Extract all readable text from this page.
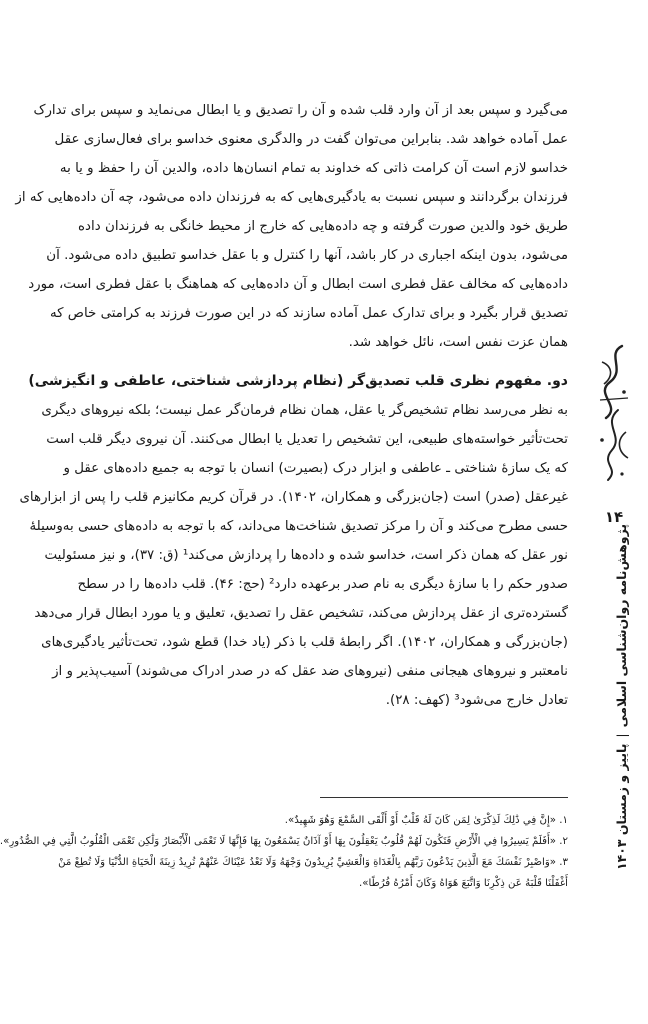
می‌گیرد و سپس بعد از آن وارد قلب شده و آن را تصدیق و یا ابطال می‌نماید و سپس برای تدارک

عمل آماده خواهد شد. بنابراین می‌توان گفت در والدگری معنوی خداسو برای فعال‌سازی عقل

خداسو لازم است آن کرامت ذاتی که خداوند به تمام انسان‌ها داده، والدین آن را حفظ و یا به

فرزندان برگردانند و سپس نسبت به یادگیری‌هایی که به فرزندان داده می‌شود، چه آن داده‌هایی که از

طریق خود والدین صورت گرفته و چه داده‌هایی که خارج از محیط خانگی به فرزندان داده

می‌شود، بدون اینکه اجباری در کار باشد، آنها را کنترل و با عقل خداسو تطبیق داده می‌شود. آن

داده‌هایی که مخالف عقل فطری است ابطال و آن داده‌هایی که هماهنگ با عقل فطری است، مورد

تصدیق قرار بگیرد و برای تدارک عمل آماده سازند که در این صورت فرزند به کرامتی خاص که

همان عزت نفس است، نائل خواهد شد.

دو. مفهوم نظری قلب تصدیق‌گر (نظام پردازشی شناختی، عاطفی و انگیزشی)

به نظر می‌رسد نظام تشخیص‌گر یا عقل، همان نظام فرمان‌گر عمل نیست؛ بلکه نیروهای دیگری

تحت‌تأثیر خواسته‌های طبیعی، این تشخیص را تعدیل یا ابطال می‌کنند. آن نیروی دیگر قلب است

که یک سازهٔ شناختی ـ عاطفی و ابزار درک (بصیرت) انسان با توجه به جمیع داده‌های عقل و

غیرعقل (صدر) است (جان‌بزرگی و همکاران، ۱۴۰۲). در قرآن کریم مکانیزم قلب را پس از ابزارهای

حسی مطرح می‌کند و آن را مرکز تصدیق شناخت‌ها می‌داند، که با توجه به داده‌های حسی به‌وسیلهٔ

نور عقل که همان ذکر است، خداسو شده و داده‌ها را پردازش می‌کند¹ (ق: ۳۷)، و نیز مسئولیت

صدور حکم را با سازهٔ دیگری به نام صدر برعهده دارد² (حج: ۴۶). قلب داده‌ها را در سطح

گسترده‌تری از عقل پردازش می‌کند، تشخیص عقل را تصدیق، تعلیق و یا مورد ابطال قرار می‌دهد

(جان‌بزرگی و همکاران، ۱۴۰۲). اگر رابطهٔ قلب با ذکر (یاد خدا) قطع شود، تحت‌تأثیر یادگیری‌های

نامعتبر و نیروهای هیجانی منفی (نیروهای ضد عقل که در صدر ادراک می‌شوند) آسیب‌پذیر و از

تعادل خارج می‌شود³ (کهف: ۲۸).

۱. «إِنَّ فِي ذَٰلِكَ لَذِكْرَىٰ لِمَن كَانَ لَهُ قَلْبٌ أَوْ أَلْقَى السَّمْعَ وَهُوَ شَهِيدٌ».

۲. «أَفَلَمْ يَسِيرُوا فِي الْأَرْضِ فَتَكُونَ لَهُمْ قُلُوبٌ يَعْقِلُونَ بِهَا أَوْ آذَانٌ يَسْمَعُونَ بِهَا فَإِنَّهَا لَا تَعْمَى الْأَبْصَارُ وَلَٰكِن تَعْمَى الْقُلُوبُ الَّتِي فِي الصُّدُورِ».

۳. «وَاصْبِرْ نَفْسَكَ مَعَ الَّذِينَ يَدْعُونَ رَبَّهُم بِالْغَدَاةِ وَالْعَشِيِّ يُرِيدُونَ وَجْهَهُ وَلَا تَعْدُ عَيْنَاكَ عَنْهُمْ تُرِيدُ زِينَةَ الْحَيَاةِ الدُّنْيَا وَلَا تُطِعْ مَنْ

أَغْفَلْنَا قَلْبَهُ عَن ذِكْرِنَا وَاتَّبَعَ هَوَاهُ وَكَانَ أَمْرُهُ فُرُطًا».

۱۴
پژوهش‌نامه روان‌شناسی اسلامی|پاییز و زمستان ۱۴۰۳
